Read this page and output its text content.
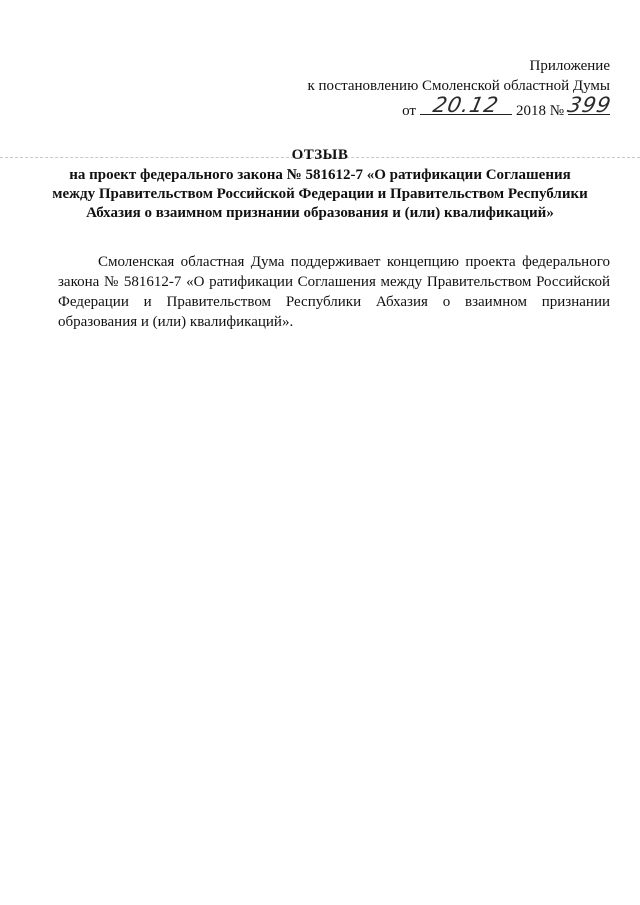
Приложение
к постановлению Смоленской областной Думы
от 20.12 2018 № 399
ОТЗЫВ
на проект федерального закона № 581612-7 «О ратификации Соглашения
между Правительством Российской Федерации и Правительством Республики
Абхазия о взаимном признании образования и (или) квалификаций»

Смоленская областная Дума поддерживает концепцию проекта федерального закона № 581612-7 «О ратификации Соглашения между Правительством Российской Федерации и Правительством Республики Абхазия о взаимном признании образования и (или) квалификаций».
